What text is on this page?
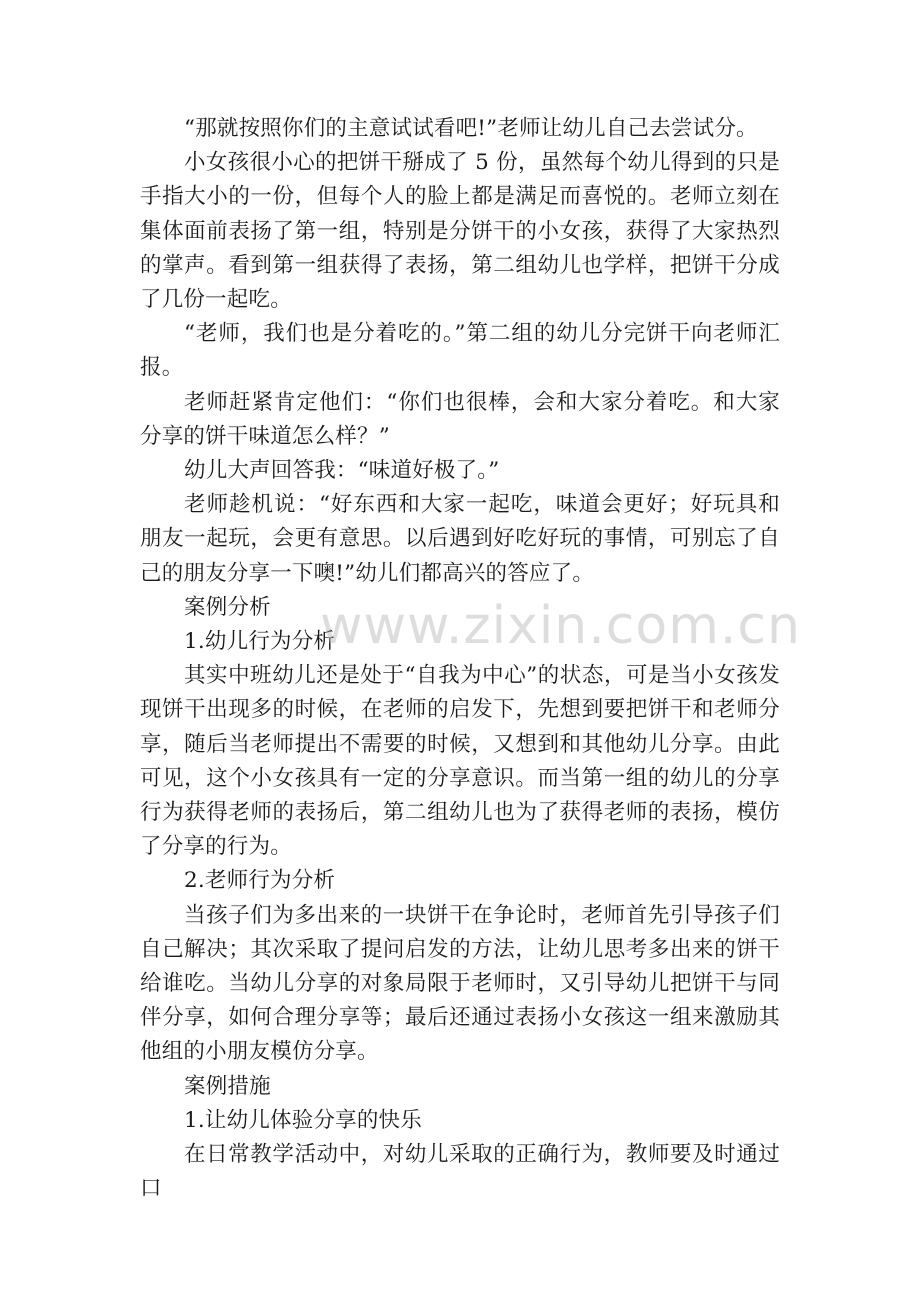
“那就按照你们的主意试试看吧!”老师让幼儿自己去尝试分。

小女孩很小心的把饼干掰成了 5 份，虽然每个幼儿得到的只是手指大小的一份，但每个人的脸上都是满足而喜悦的。老师立刻在集体面前表扬了第一组，特别是分饼干的小女孩，获得了大家热烈的掌声。看到第一组获得了表扬，第二组幼儿也学样，把饼干分成了几份一起吃。

“老师，我们也是分着吃的。”第二组的幼儿分完饼干向老师汇报。

老师赶紧肯定他们：“你们也很棒，会和大家分着吃。和大家分享的饼干味道怎么样？”

幼儿大声回答我：“味道好极了。”

老师趁机说：“好东西和大家一起吃，味道会更好；好玩具和朋友一起玩，会更有意思。以后遇到好吃好玩的事情，可别忘了自己的朋友分享一下噢!”幼儿们都高兴的答应了。

案例分析

1.幼儿行为分析

其实中班幼儿还是处于“自我为中心”的状态，可是当小女孩发现饼干出现多的时候，在老师的启发下，先想到要把饼干和老师分享，随后当老师提出不需要的时候，又想到和其他幼儿分享。由此可见，这个小女孩具有一定的分享意识。而当第一组的幼儿的分享行为获得老师的表扬后，第二组幼儿也为了获得老师的表扬，模仿了分享的行为。

2.老师行为分析

当孩子们为多出来的一块饼干在争论时，老师首先引导孩子们自己解决；其次采取了提问启发的方法，让幼儿思考多出来的饼干给谁吃。当幼儿分享的对象局限于老师时，又引导幼儿把饼干与同伴分享，如何合理分享等；最后还通过表扬小女孩这一组来激励其他组的小朋友模仿分享。

案例措施

1.让幼儿体验分享的快乐

在日常教学活动中，对幼儿采取的正确行为，教师要及时通过口

www.zixin.com.cn
